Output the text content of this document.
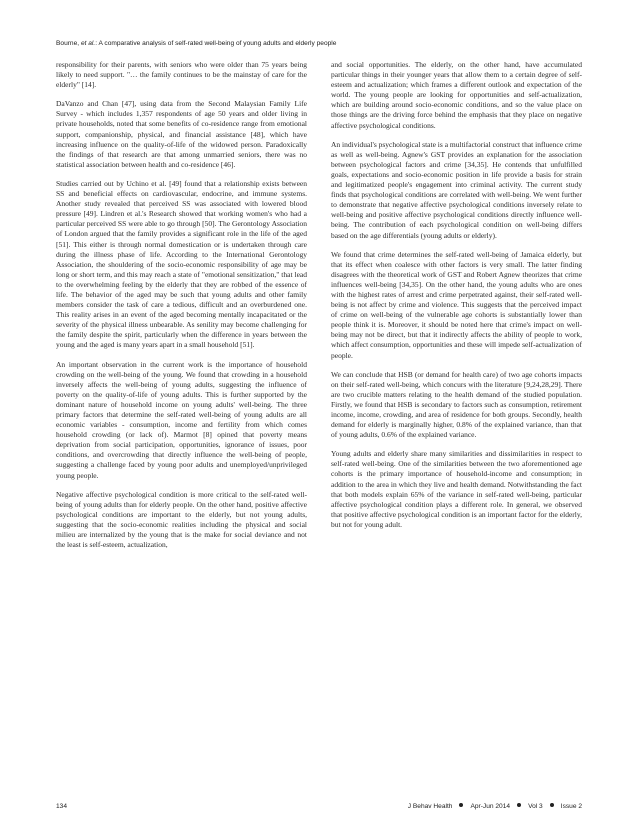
Bourne, et al.: A comparative analysis of self-rated well-being of young adults and elderly people

responsibility for their parents, with seniors who were older than 75 years being likely to need support. "… the family continues to be the mainstay of care for the elderly" [14].

DaVanzo and Chan [47], using data from the Second Malaysian Family Life Survey - which includes 1,357 respondents of age 50 years and older living in private households, noted that some benefits of co-residence range from emotional support, companionship, physical, and financial assistance [48], which have increasing influence on the quality-of-life of the widowed person. Paradoxically the findings of that research are that among unmarried seniors, there was no statistical association between health and co-residence [46].

Studies carried out by Uchino et al. [49] found that a relationship exists between SS and beneficial effects on cardiovascular, endocrine, and immune systems. Another study revealed that perceived SS was associated with lowered blood pressure [49]. Lindren et al.'s Research showed that working women's who had a particular perceived SS were able to go through [50]. The Gerontology Association of London argued that the family provides a significant role in the life of the aged [51]. This either is through normal domestication or is undertaken through care during the illness phase of life. According to the International Gerontology Association, the shouldering of the socio-economic responsibility of age may be long or short term, and this may reach a state of "emotional sensitization," that lead to the overwhelming feeling by the elderly that they are robbed of the essence of life. The behavior of the aged may be such that young adults and other family members consider the task of care a tedious, difficult and an overburdened one. This reality arises in an event of the aged becoming mentally incapacitated or the severity of the physical illness unbearable. As senility may become challenging for the family despite the spirit, particularly when the difference in years between the young and the aged is many years apart in a small household [51].

An important observation in the current work is the importance of household crowding on the well-being of the young. We found that crowding in a household inversely affects the well-being of young adults, suggesting the influence of poverty on the quality-of-life of young adults. This is further supported by the dominant nature of household income on young adults' well-being. The three primary factors that determine the self-rated well-being of young adults are all economic variables - consumption, income and fertility from which comes household crowding (or lack of). Marmot [8] opined that poverty means deprivation from social participation, opportunities, ignorance of issues, poor conditions, and overcrowding that directly influence the well-being of people, suggesting a challenge faced by young poor adults and unemployed/unprivileged young people.

Negative affective psychological condition is more critical to the self-rated well-being of young adults than for elderly people. On the other hand, positive affective psychological conditions are important to the elderly, but not young adults, suggesting that the socio-economic realities including the physical and social milieu are internalized by the young that is the make for social deviance and not the least is self-esteem, actualization,

and social opportunities. The elderly, on the other hand, have accumulated particular things in their younger years that allow them to a certain degree of self-esteem and actualization; which frames a different outlook and expectation of the world. The young people are looking for opportunities and self-actualization, which are building around socio-economic conditions, and so the value place on those things are the driving force behind the emphasis that they place on negative affective psychological conditions.

An individual's psychological state is a multifactorial construct that influence crime as well as well-being. Agnew's GST provides an explanation for the association between psychological factors and crime [34,35]. He contends that unfulfilled goals, expectations and socio-economic position in life provide a basis for strain and legitimatized people's engagement into criminal activity. The current study finds that psychological conditions are correlated with well-being. We went further to demonstrate that negative affective psychological conditions inversely relate to well-being and positive affective psychological conditions directly influence well-being. The contribution of each psychological condition on well-being differs based on the age differentials (young adults or elderly).

We found that crime determines the self-rated well-being of Jamaica elderly, but that its effect when coalesce with other factors is very small. The latter finding disagrees with the theoretical work of GST and Robert Agnew theorizes that crime influences well-being [34,35]. On the other hand, the young adults who are ones with the highest rates of arrest and crime perpetrated against, their self-rated well-being is not affect by crime and violence. This suggests that the perceived impact of crime on well-being of the vulnerable age cohorts is substantially lower than people think it is. Moreover, it should be noted here that crime's impact on well-being may not be direct, but that it indirectly affects the ability of people to work, which affect consumption, opportunities and these will impede self-actualization of people.

We can conclude that HSB (or demand for health care) of two age cohorts impacts on their self-rated well-being, which concurs with the literature [9,24,28,29]. There are two crucible matters relating to the health demand of the studied population. Firstly, we found that HSB is secondary to factors such as consumption, retirement income, income, crowding, and area of residence for both groups. Secondly, health demand for elderly is marginally higher, 0.8% of the explained variance, than that of young adults, 0.6% of the explained variance.

Young adults and elderly share many similarities and dissimilarities in respect to self-rated well-being. One of the similarities between the two aforementioned age cohorts is the primary importance of household-income and consumption; in addition to the area in which they live and health demand. Notwithstanding the fact that both models explain 65% of the variance in self-rated well-being, particular affective psychological condition plays a different role. In general, we observed that positive affective psychological condition is an important factor for the elderly, but not for young adult.

134	J Behav Health	Apr-Jun 2014	Vol 3	Issue 2
